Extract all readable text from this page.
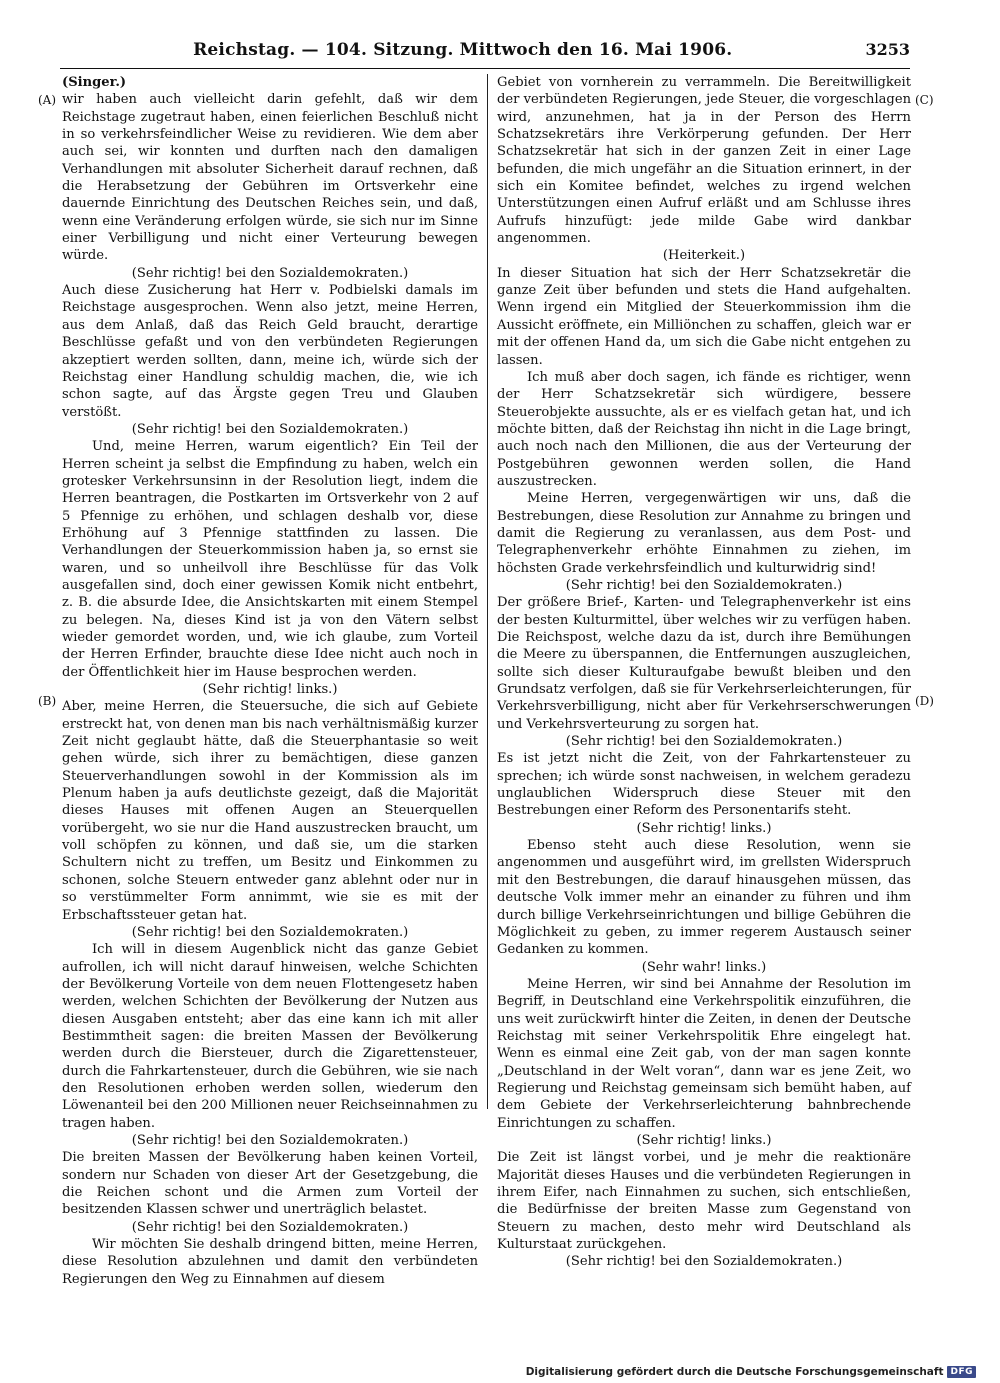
Reichstag. — 104. Sitzung. Mittwoch den 16. Mai 1906.	3253
(A)
(B)
(C)
(D)

(Singer.)

wir haben auch vielleicht darin gefehlt, daß wir dem Reichstage zugetraut haben, einen feierlichen Beschluß nicht in so verkehrsfeindlicher Weise zu revidieren. Wie dem aber auch sei, wir konnten und durften nach den damaligen Verhandlungen mit absoluter Sicherheit darauf rechnen, daß die Herabsetzung der Gebühren im Ortsverkehr eine dauernde Einrichtung des Deutschen Reiches sein, und daß, wenn eine Veränderung erfolgen würde, sie sich nur im Sinne einer Verbilligung und nicht einer Verteurung bewegen würde.

(Sehr richtig! bei den Sozialdemokraten.)

Auch diese Zusicherung hat Herr v. Podbielski damals im Reichstage ausgesprochen. Wenn also jetzt, meine Herren, aus dem Anlaß, daß das Reich Geld braucht, derartige Beschlüsse gefaßt und von den verbündeten Regierungen akzeptiert werden sollten, dann, meine ich, würde sich der Reichstag einer Handlung schuldig machen, die, wie ich schon sagte, auf das Ärgste gegen Treu und Glauben verstößt.

(Sehr richtig! bei den Sozialdemokraten.)

Und, meine Herren, warum eigentlich? Ein Teil der Herren scheint ja selbst die Empfindung zu haben, welch ein grotesker Verkehrsunsinn in der Resolution liegt, indem die Herren beantragen, die Postkarten im Ortsverkehr von 2 auf 5 Pfennige zu erhöhen, und schlagen deshalb vor, diese Erhöhung auf 3 Pfennige stattfinden zu lassen. Die Verhandlungen der Steuerkommission haben ja, so ernst sie waren, und so unheilvoll ihre Beschlüsse für das Volk ausgefallen sind, doch einer gewissen Komik nicht entbehrt, z. B. die absurde Idee, die Ansichtskarten mit einem Stempel zu belegen. Na, dieses Kind ist ja von den Vätern selbst wieder gemordet worden, und, wie ich glaube, zum Vorteil der Herren Erfinder, brauchte diese Idee nicht auch noch in der Öffentlichkeit hier im Hause besprochen werden.

(Sehr richtig! links.)

Aber, meine Herren, die Steuersuche, die sich auf Gebiete erstreckt hat, von denen man bis nach verhältnismäßig kurzer Zeit nicht geglaubt hätte, daß die Steuerphantasie so weit gehen würde, sich ihrer zu bemächtigen, diese ganzen Steuerverhandlungen sowohl in der Kommission als im Plenum haben ja aufs deutlichste gezeigt, daß die Majorität dieses Hauses mit offenen Augen an Steuerquellen vorübergeht, wo sie nur die Hand auszustrecken braucht, um voll schöpfen zu können, und daß sie, um die starken Schultern nicht zu treffen, um Besitz und Einkommen zu schonen, solche Steuern entweder ganz ablehnt oder nur in so verstümmelter Form annimmt, wie sie es mit der Erbschaftssteuer getan hat.

(Sehr richtig! bei den Sozialdemokraten.)

Ich will in diesem Augenblick nicht das ganze Gebiet aufrollen, ich will nicht darauf hinweisen, welche Schichten der Bevölkerung Vorteile von dem neuen Flottengesetz haben werden, welchen Schichten der Bevölkerung der Nutzen aus diesen Ausgaben entsteht; aber das eine kann ich mit aller Bestimmtheit sagen: die breiten Massen der Bevölkerung werden durch die Biersteuer, durch die Zigarettensteuer, durch die Fahrkartensteuer, durch die Gebühren, wie sie nach den Resolutionen erhoben werden sollen, wiederum den Löwenanteil bei den 200 Millionen neuer Reichseinnahmen zu tragen haben.

(Sehr richtig! bei den Sozialdemokraten.)

Die breiten Massen der Bevölkerung haben keinen Vorteil, sondern nur Schaden von dieser Art der Gesetzgebung, die die Reichen schont und die Armen zum Vorteil der besitzenden Klassen schwer und unerträglich belastet.

(Sehr richtig! bei den Sozialdemokraten.)

Wir möchten Sie deshalb dringend bitten, meine Herren, diese Resolution abzulehnen und damit den verbündeten Regierungen den Weg zu Einnahmen auf diesem

Gebiet von vornherein zu verrammeln. Die Bereitwilligkeit der verbündeten Regierungen, jede Steuer, die vorgeschlagen wird, anzunehmen, hat ja in der Person des Herrn Schatzsekretärs ihre Verkörperung gefunden. Der Herr Schatzsekretär hat sich in der ganzen Zeit in einer Lage befunden, die mich ungefähr an die Situation erinnert, in der sich ein Komitee befindet, welches zu irgend welchen Unterstützungen einen Aufruf erläßt und am Schlusse ihres Aufrufs hinzufügt: jede milde Gabe wird dankbar angenommen.

(Heiterkeit.)

In dieser Situation hat sich der Herr Schatzsekretär die ganze Zeit über befunden und stets die Hand aufgehalten. Wenn irgend ein Mitglied der Steuerkommission ihm die Aussicht eröffnete, ein Milliönchen zu schaffen, gleich war er mit der offenen Hand da, um sich die Gabe nicht entgehen zu lassen.

Ich muß aber doch sagen, ich fände es richtiger, wenn der Herr Schatzsekretär sich würdigere, bessere Steuerobjekte aussuchte, als er es vielfach getan hat, und ich möchte bitten, daß der Reichstag ihn nicht in die Lage bringt, auch noch nach den Millionen, die aus der Verteurung der Postgebühren gewonnen werden sollen, die Hand auszustrecken.

Meine Herren, vergegenwärtigen wir uns, daß die Bestrebungen, diese Resolution zur Annahme zu bringen und damit die Regierung zu veranlassen, aus dem Post- und Telegraphenverkehr erhöhte Einnahmen zu ziehen, im höchsten Grade verkehrsfeindlich und kulturwidrig sind!

(Sehr richtig! bei den Sozialdemokraten.)

Der größere Brief-, Karten- und Telegraphenverkehr ist eins der besten Kulturmittel, über welches wir zu verfügen haben. Die Reichspost, welche dazu da ist, durch ihre Bemühungen die Meere zu überspannen, die Entfernungen auszugleichen, sollte sich dieser Kulturaufgabe bewußt bleiben und den Grundsatz verfolgen, daß sie für Verkehrserleichterungen, für Verkehrsverbilligung, nicht aber für Verkehrserschwerungen und Verkehrsverteurung zu sorgen hat.

(Sehr richtig! bei den Sozialdemokraten.)

Es ist jetzt nicht die Zeit, von der Fahrkartensteuer zu sprechen; ich würde sonst nachweisen, in welchem geradezu unglaublichen Widerspruch diese Steuer mit den Bestrebungen einer Reform des Personentarifs steht.

(Sehr richtig! links.)

Ebenso steht auch diese Resolution, wenn sie angenommen und ausgeführt wird, im grellsten Widerspruch mit den Bestrebungen, die darauf hinausgehen müssen, das deutsche Volk immer mehr an einander zu führen und ihm durch billige Verkehrseinrichtungen und billige Gebühren die Möglichkeit zu geben, zu immer regerem Austausch seiner Gedanken zu kommen.

(Sehr wahr! links.)

Meine Herren, wir sind bei Annahme der Resolution im Begriff, in Deutschland eine Verkehrspolitik einzuführen, die uns weit zurückwirft hinter die Zeiten, in denen der Deutsche Reichstag mit seiner Verkehrspolitik Ehre eingelegt hat. Wenn es einmal eine Zeit gab, von der man sagen konnte „Deutschland in der Welt voran“, dann war es jene Zeit, wo Regierung und Reichstag gemeinsam sich bemüht haben, auf dem Gebiete der Verkehrserleichterung bahnbrechende Einrichtungen zu schaffen.

(Sehr richtig! links.)

Die Zeit ist längst vorbei, und je mehr die reaktionäre Majorität dieses Hauses und die verbündeten Regierungen in ihrem Eifer, nach Einnahmen zu suchen, sich entschließen, die Bedürfnisse der breiten Masse zum Gegenstand von Steuern zu machen, desto mehr wird Deutschland als Kulturstaat zurückgehen.

(Sehr richtig! bei den Sozialdemokraten.)

Digitalisierung gefördert durch die Deutsche Forschungsgemeinschaft DFG
